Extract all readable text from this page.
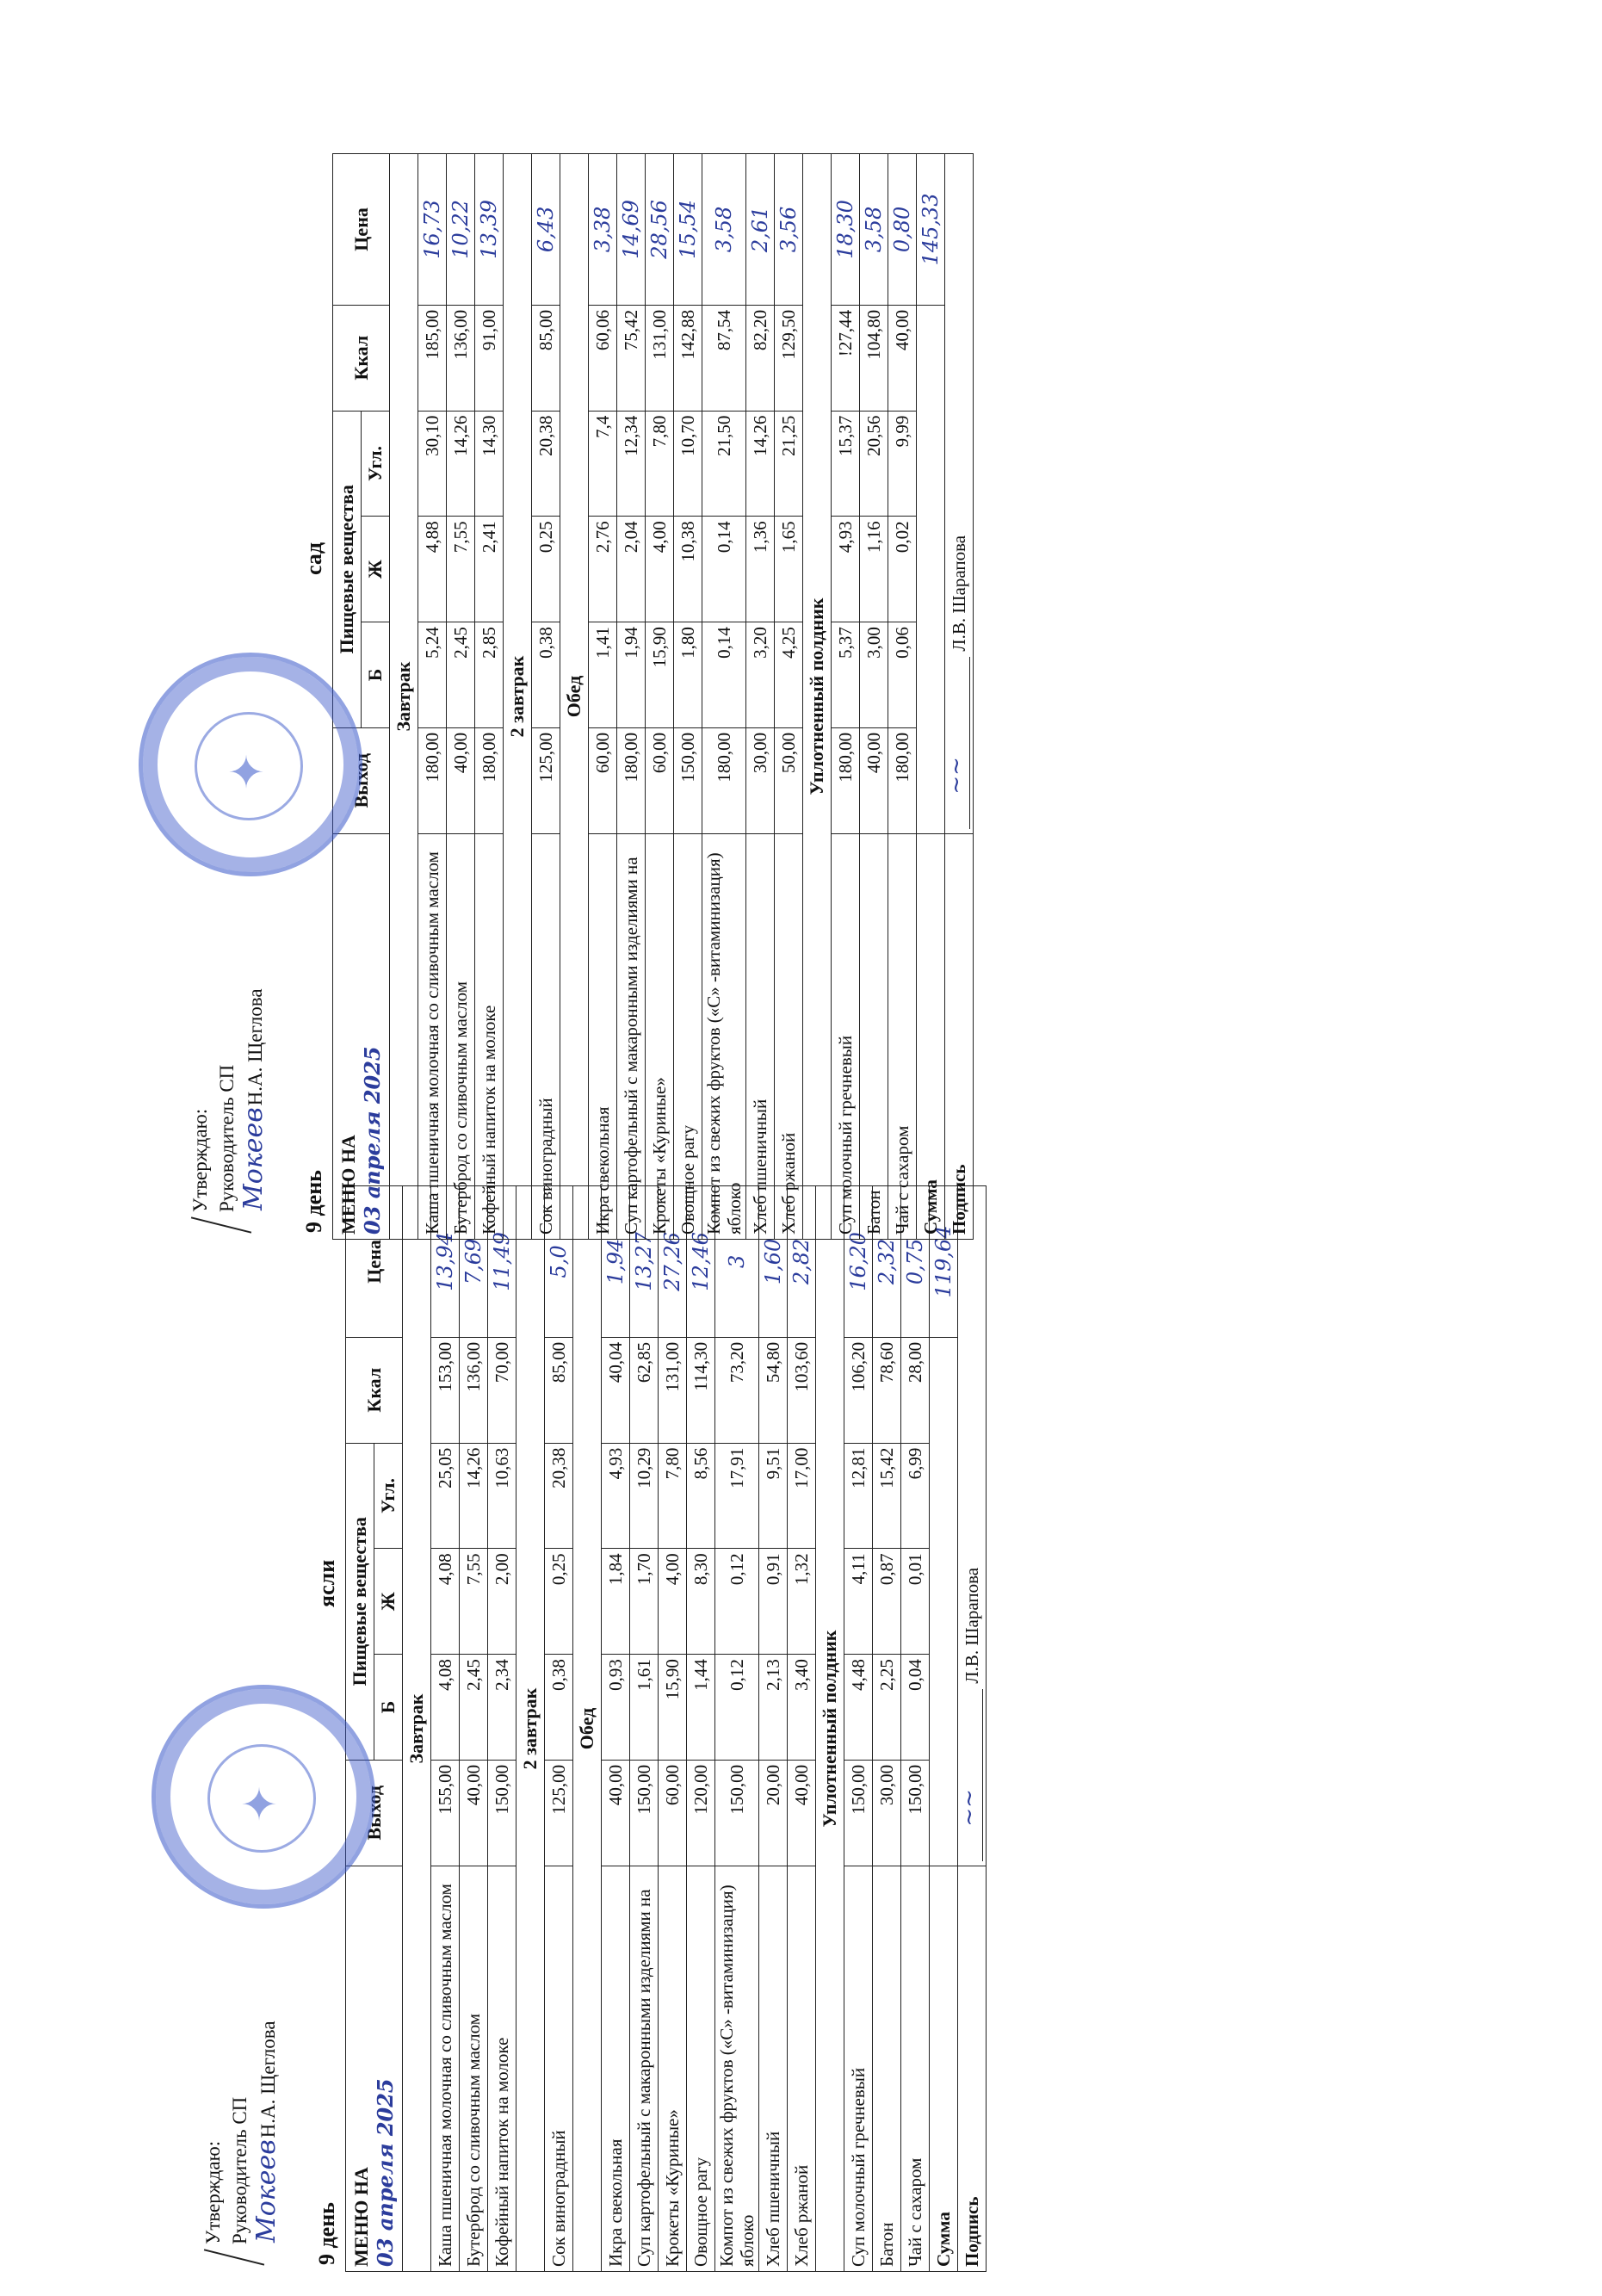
Утверждаю: Руководитель СП МокеевН.А. Щеглова
✦
9 день
ясли
МЕНЮ НА 03 апреля 2025	Выход	Пищевые вещества			Ккал	Цена
		Б	Ж	Угл.		
Завтрак						
Каша пшеничная молочная со сливочным маслом	155,00	4,08	4,08	25,05	153,00	13,94
Бутерброд со сливочным маслом	40,00	2,45	7,55	14,26	136,00	7,69
Кофейный напиток на молоке	150,00	2,34	2,00	10,63	70,00	11,49
2 завтрак						
Сок виноградный	125,00	0,38	0,25	20,38	85,00	5,0
Обед						
Икра свекольная	40,00	0,93	1,84	4,93	40,04	1,94
Суп картофельный с макаронными изделиями на	150,00	1,61	1,70	10,29	62,85	13,27
Крокеты «Куриные»	60,00	15,90	4,00	7,80	131,00	27,26
Овощное рагу	120,00	1,44	8,30	8,56	114,30	12,46
Компот из свежих фруктов («С» -витаминизация) яблоко	150,00	0,12	0,12	17,91	73,20	3
Хлеб пшеничный	20,00	2,13	0,91	9,51	54,80	1,60
Хлеб ржаной	40,00	3,40	1,32	17,00	103,60	2,82
Уплотненный полдник						
Суп молочный гречневый	150,00	4,48	4,11	12,81	106,20	16,20
Батон	30,00	2,25	0,87	15,42	78,60	2,32
Чай с сахаром	150,00	0,04	0,01	6,99	28,00	0,75
Сумма						119,64
Подпись	~~
Л.В. Шарапова					
Утверждаю: Руководитель СП МокеевН.А. Щеглова
✦
9 день
сад
МЕНЮ НА 03 апреля 2025	Выход	Пищевые вещества			Ккал	Цена
		Б	Ж	Угл.		
Завтрак						
Каша пшеничная молочная со сливочным маслом	180,00	5,24	4,88	30,10	185,00	16,73
Бутерброд со сливочным маслом	40,00	2,45	7,55	14,26	136,00	10,22
Кофейный напиток на молоке	180,00	2,85	2,41	14,30	91,00	13,39
2 завтрак						
Сок виноградный	125,00	0,38	0,25	20,38	85,00	6,43
Обед						
Икра свекольная	60,00	1,41	2,76	7,4	60,06	3,38
Суп картофельный с макаронными изделиями на	180,00	1,94	2,04	12,34	75,42	14,69
Крокеты «Куриные»	60,00	15,90	4,00	7,80	131,00	28,56
Овощное рагу	150,00	1,80	10,38	10,70	142,88	15,54
Компот из свежих фруктов («С» -витаминизация) яблоко	180,00	0,14	0,14	21,50	87,54	3,58
Хлеб пшеничный	30,00	3,20	1,36	14,26	82,20	2,61
Хлеб ржаной	50,00	4,25	1,65	21,25	129,50	3,56
Уплотненный полдник						
Суп молочный гречневый	180,00	5,37	4,93	15,37	!27,44	18,30
Батон	40,00	3,00	1,16	20,56	104,80	3,58
Чай с сахаром	180,00	0,06	0,02	9,99	40,00	0,80
Сумма						145,33
Подпись	~~
Л.В. Шарапова					
